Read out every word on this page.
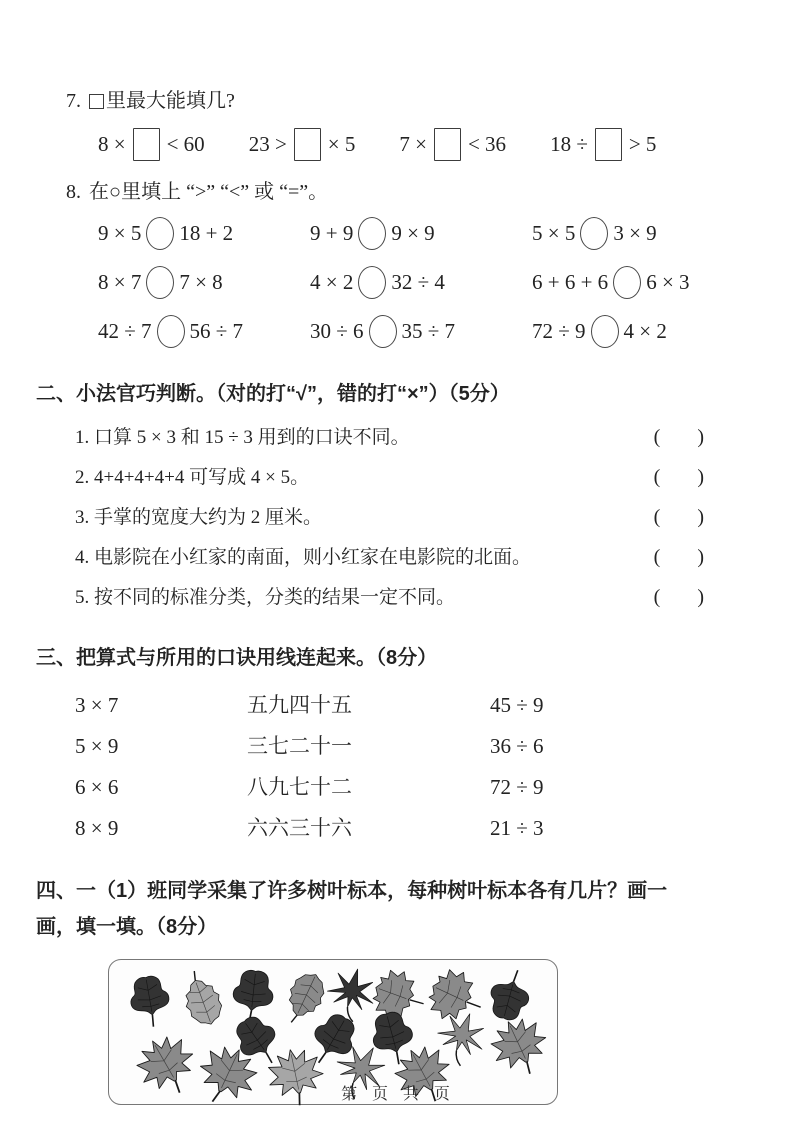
7. 里最大能填几?
8 × < 60 23 > × 5 7 × < 36 18 ÷ > 5
8. 在○里填上 “>” “<” 或 “=”。
9 × 5 18 + 2	9 + 9 9 × 9	5 × 5 3 × 9
8 × 7 7 × 8	4 × 2 32 ÷ 4	6 + 6 + 6 6 × 3
42 ÷ 7 56 ÷ 7	30 ÷ 6 35 ÷ 7	72 ÷ 9 4 × 2
二、小法官巧判断。（对的打“√”，错的打“×”）（5分）
1. 口算 5 × 3 和 15 ÷ 3 用到的口诀不同。	(      )
2. 4+4+4+4+4 可写成 4 × 5。	(      )
3. 手掌的宽度大约为 2 厘米。	(      )
4. 电影院在小红家的南面，则小红家在电影院的北面。	(      )
5. 按不同的标准分类，分类的结果一定不同。	(      )
三、把算式与所用的口诀用线连起来。（8分）
3 × 7	五九四十五	45 ÷ 9
5 × 9	三七二十一	36 ÷ 6
6 × 6	八九七十二	72 ÷ 9
8 × 9	六六三十六	21 ÷ 3
四、一（1）班同学采集了许多树叶标本，每种树叶标本各有几片？画一
画，填一填。（8分）
第  页  共  页
